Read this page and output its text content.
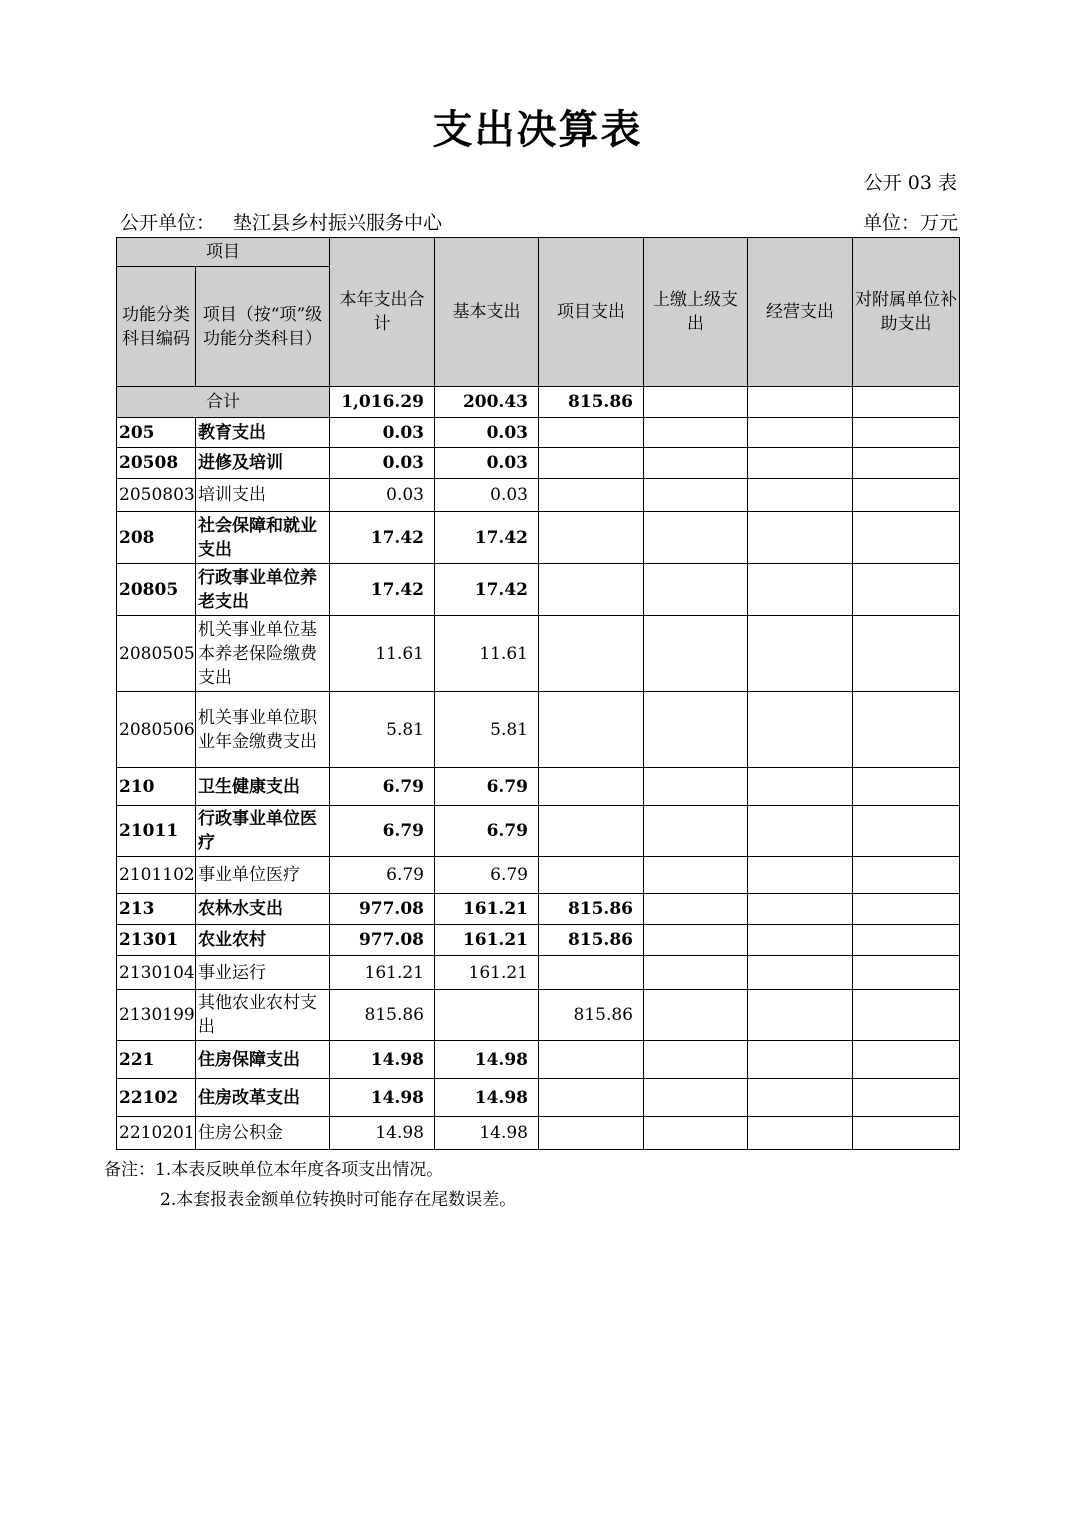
支出决算表
公开 03 表
公开单位： 垫江县乡村振兴服务中心	单位：万元
项目		本年支出合计	基本支出	项目支出	上缴上级支出	经营支出	对附属单位补助支出
功能分类科目编码	项目（按“项”级功能分类科目）						
合计		1,016.29	200.43	815.86			
205	教育支出	0.03	0.03				
20508	进修及培训	0.03	0.03				
2050803	培训支出	0.03	0.03				
208	社会保障和就业支出	17.42	17.42				
20805	行政事业单位养老支出	17.42	17.42				
2080505	机关事业单位基本养老保险缴费支出	11.61	11.61				
2080506	机关事业单位职业年金缴费支出	5.81	5.81				
210	卫生健康支出	6.79	6.79				
21011	行政事业单位医疗	6.79	6.79				
2101102	事业单位医疗	6.79	6.79				
213	农林水支出	977.08	161.21	815.86			
21301	农业农村	977.08	161.21	815.86			
2130104	事业运行	161.21	161.21				
2130199	其他农业农村支出	815.86		815.86			
221	住房保障支出	14.98	14.98				
22102	住房改革支出	14.98	14.98				
2210201	住房公积金	14.98	14.98				
备注：1.本表反映单位本年度各项支出情况。
2.本套报表金额单位转换时可能存在尾数误差。
